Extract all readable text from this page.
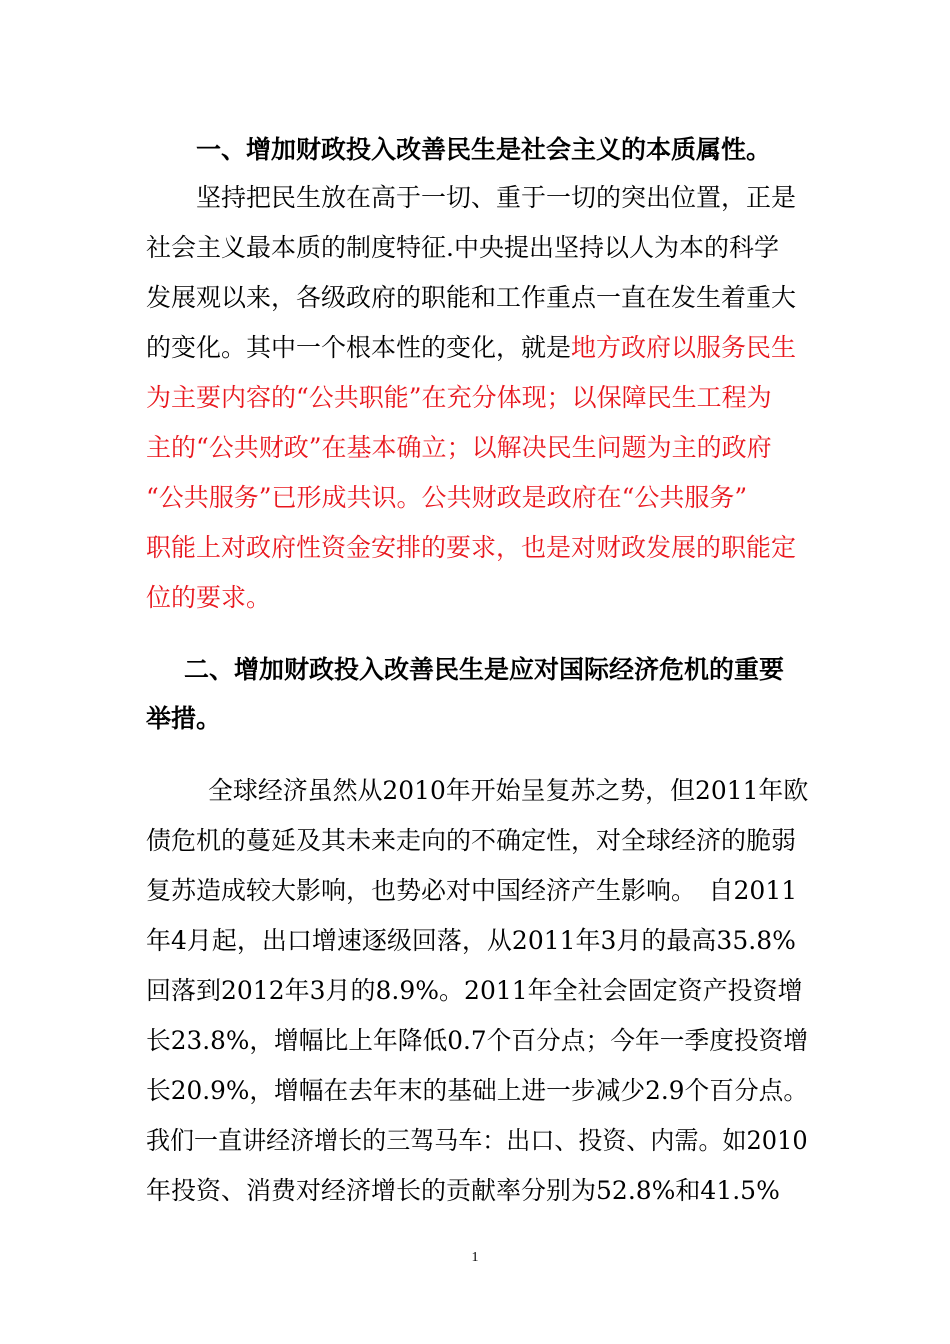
一、增加财政投入改善民生是社会主义的本质属性。
坚持把民生放在高于一切、重于一切的突出位置，正是
社会主义最本质的制度特征.中央提出坚持以人为本的科学
发展观以来，各级政府的职能和工作重点一直在发生着重大
的变化。其中一个根本性的变化，就是地方政府以服务民生
为主要内容的“公共职能”在充分体现；以保障民生工程为
主的“公共财政”在基本确立；以解决民生问题为主的政府
“公共服务”已形成共识。公共财政是政府在“公共服务”
职能上对政府性资金安排的要求，也是对财政发展的职能定
位的要求。
二、增加财政投入改善民生是应对国际经济危机的重要
举措。
全球经济虽然从2010年开始呈复苏之势，但2011年欧
债危机的蔓延及其未来走向的不确定性，对全球经济的脆弱
复苏造成较大影响，也势必对中国经济产生影响。　自2011
年4月起，出口增速逐级回落，从2011年3月的最高35.8%
回落到2012年3月的8.9%。2011年全社会固定资产投资增
长23.8%，增幅比上年降低0.7个百分点；今年一季度投资增
长20.9%，增幅在去年末的基础上进一步减少2.9个百分点。
我们一直讲经济增长的三驾马车：出口、投资、内需。如2010
年投资、消费对经济增长的贡献率分别为52.8%和41.5%
1
